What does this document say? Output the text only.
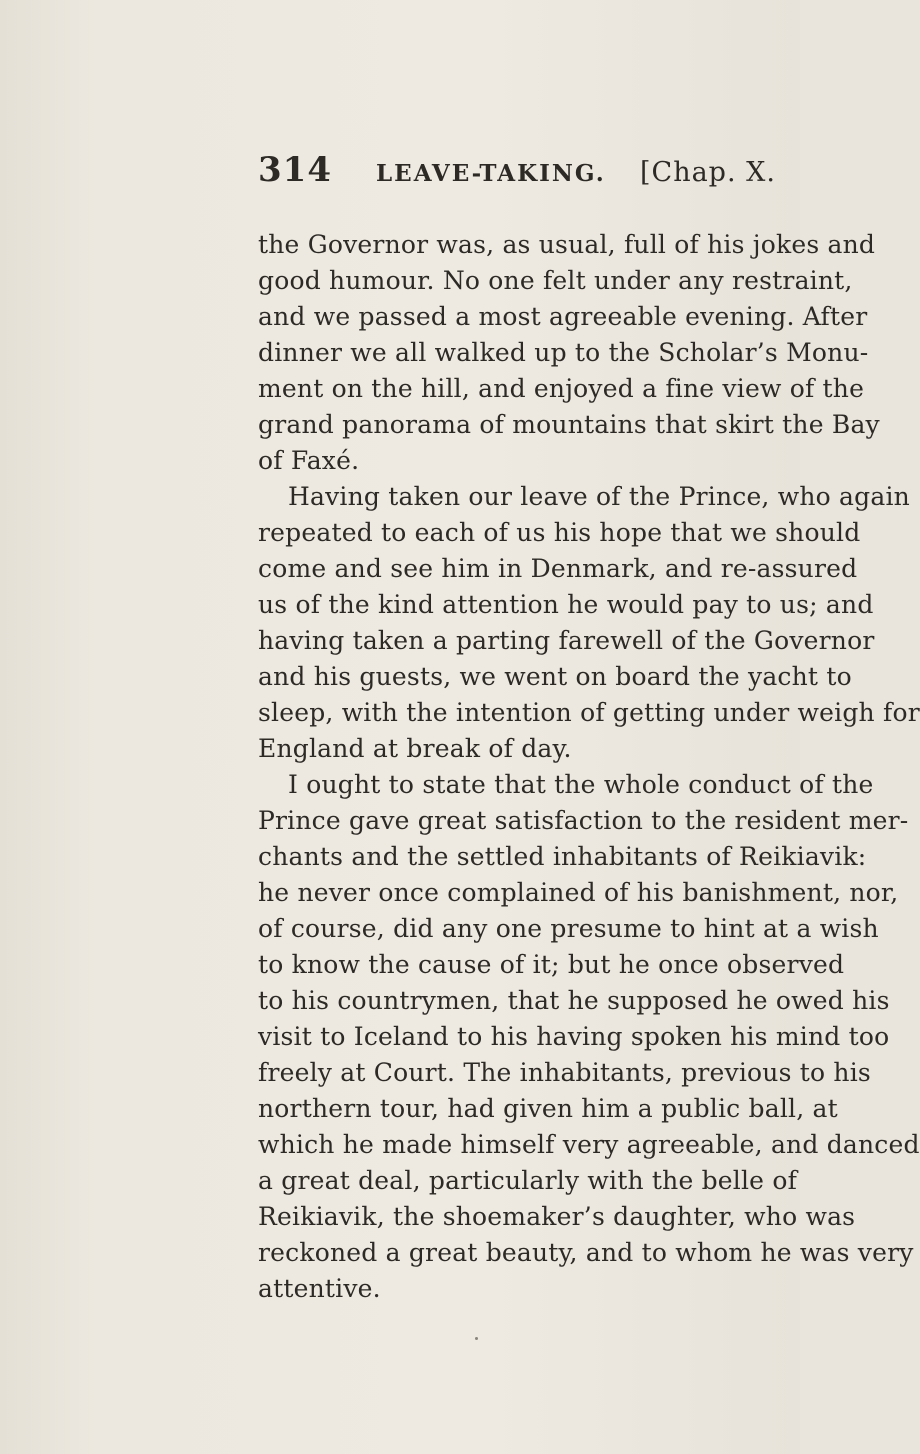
314 LEAVE-TAKING. [Chap. X.
the Governor was, as usual, full of his jokes and
good humour. No one felt under any restraint,
and we passed a most agreeable evening. After
dinner we all walked up to the Scholar’s Monu-
ment on the hill, and enjoyed a fine view of the
grand panorama of mountains that skirt the Bay
of Faxé.
Having taken our leave of the Prince, who again
repeated to each of us his hope that we should
come and see him in Denmark, and re-assured
us of the kind attention he would pay to us; and
having taken a parting farewell of the Governor
and his guests, we went on board the yacht to
sleep, with the intention of getting under weigh for
England at break of day.
I ought to state that the whole conduct of the
Prince gave great satisfaction to the resident mer-
chants and the settled inhabitants of Reikiavik:
he never once complained of his banishment, nor,
of course, did any one presume to hint at a wish
to know the cause of it; but he once observed
to his countrymen, that he supposed he owed his
visit to Iceland to his having spoken his mind too
freely at Court. The inhabitants, previous to his
northern tour, had given him a public ball, at
which he made himself very agreeable, and danced
a great deal, particularly with the belle of
Reikiavik, the shoemaker’s daughter, who was
reckoned a great beauty, and to whom he was very
attentive.
